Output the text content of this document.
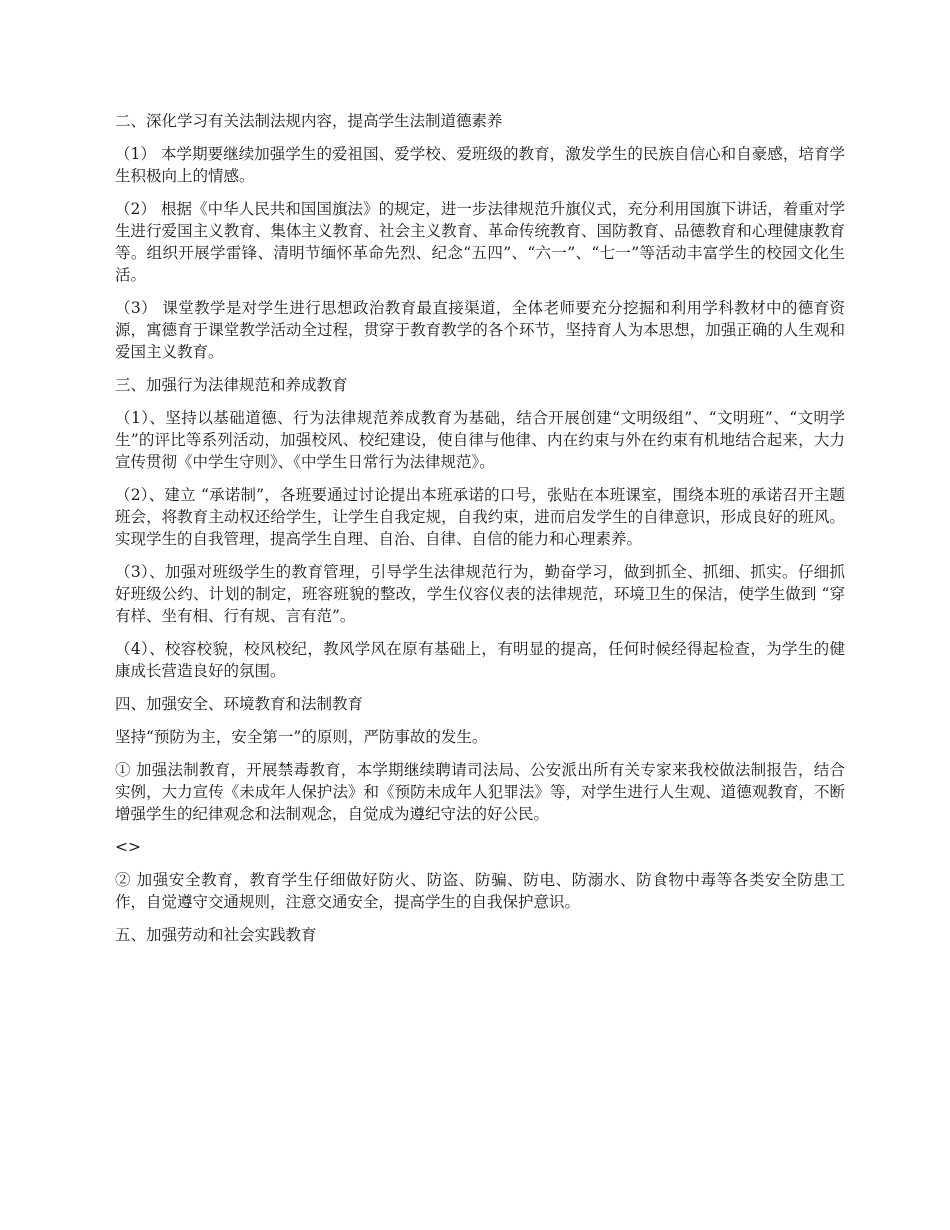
二、深化学习有关法制法规内容，提高学生法制道德素养

（1） 本学期要继续加强学生的爱祖国、爱学校、爱班级的教育，激发学生的民族自信心和自豪感，培育学生积极向上的情感。

（2） 根据《中华人民共和国国旗法》的规定，进一步法律规范升旗仪式，充分利用国旗下讲话，着重对学生进行爱国主义教育、集体主义教育、社会主义教育、革命传统教育、国防教育、品德教育和心理健康教育等。组织开展学雷锋、清明节缅怀革命先烈、纪念“五四”、“六一”、“七一”等活动丰富学生的校园文化生活。

（3） 课堂教学是对学生进行思想政治教育最直接渠道，全体老师要充分挖掘和利用学科教材中的德育资源，寓德育于课堂教学活动全过程，贯穿于教育教学的各个环节，坚持育人为本思想，加强正确的人生观和爱国主义教育。

三、加强行为法律规范和养成教育

（1）、坚持以基础道德、行为法律规范养成教育为基础，结合开展创建“文明级组”、“文明班”、“文明学生”的评比等系列活动，加强校风、校纪建设，使自律与他律、内在约束与外在约束有机地结合起来，大力宣传贯彻《中学生守则》、《中学生日常行为法律规范》。

（2）、建立 “承诺制”，各班要通过讨论提出本班承诺的口号，张贴在本班课室，围绕本班的承诺召开主题班会，将教育主动权还给学生，让学生自我定规，自我约束，进而启发学生的自律意识，形成良好的班风。实现学生的自我管理，提高学生自理、自治、自律、自信的能力和心理素养。

（3）、加强对班级学生的教育管理，引导学生法律规范行为，勤奋学习，做到抓全、抓细、抓实。仔细抓好班级公约、计划的制定，班容班貌的整改，学生仪容仪表的法律规范，环境卫生的保洁，使学生做到 “穿有样、坐有相、行有规、言有范”。

（4）、校容校貌，校风校纪，教风学风在原有基础上，有明显的提高，任何时候经得起检查，为学生的健康成长营造良好的氛围。

四、加强安全、环境教育和法制教育

坚持“预防为主，安全第一”的原则，严防事故的发生。

① 加强法制教育，开展禁毒教育，本学期继续聘请司法局、公安派出所有关专家来我校做法制报告，结合实例，大力宣传《未成年人保护法》和《预防未成年人犯罪法》等，对学生进行人生观、道德观教育，不断增强学生的纪律观念和法制观念，自觉成为遵纪守法的好公民。

<>

② 加强安全教育，教育学生仔细做好防火、防盗、防骗、防电、防溺水、防食物中毒等各类安全防患工作，自觉遵守交通规则，注意交通安全，提高学生的自我保护意识。

五、加强劳动和社会实践教育
